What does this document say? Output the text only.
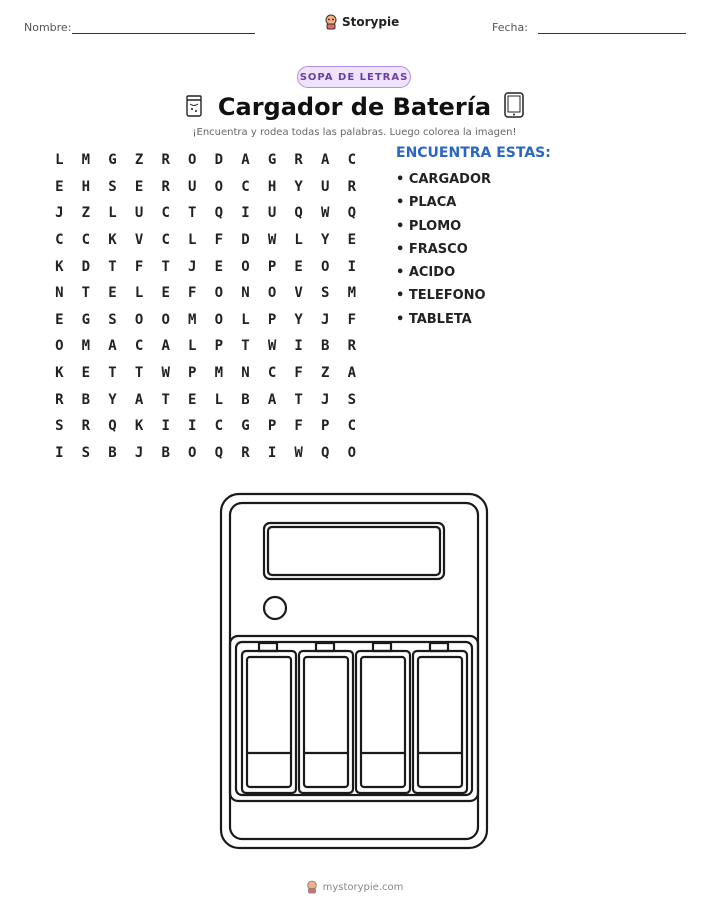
Nombre:	Storypie	Fecha:
SOPA DE LETRAS
Cargador de Batería
¡Encuentra y rodea todas las palabras. Luego colorea la imagen!
L	M	G	Z	R	O	D	A	G	R	A	C
E	H	S	E	R	U	O	C	H	Y	U	R
J	Z	L	U	C	T	Q	I	U	Q	W	Q
C	C	K	V	C	L	F	D	W	L	Y	E
K	D	T	F	T	J	E	O	P	E	O	I
N	T	E	L	E	F	O	N	O	V	S	M
E	G	S	O	O	M	O	L	P	Y	J	F
O	M	A	C	A	L	P	T	W	I	B	R
K	E	T	T	W	P	M	N	C	F	Z	A
R	B	Y	A	T	E	L	B	A	T	J	S
S	R	Q	K	I	I	C	G	P	F	P	C
I	S	B	J	B	O	Q	R	I	W	Q	O
ENCUENTRA ESTAS:
• CARGADOR
• PLACA
• PLOMO
• FRASCO
• ACIDO
• TELEFONO
• TABLETA
mystorypie.com
